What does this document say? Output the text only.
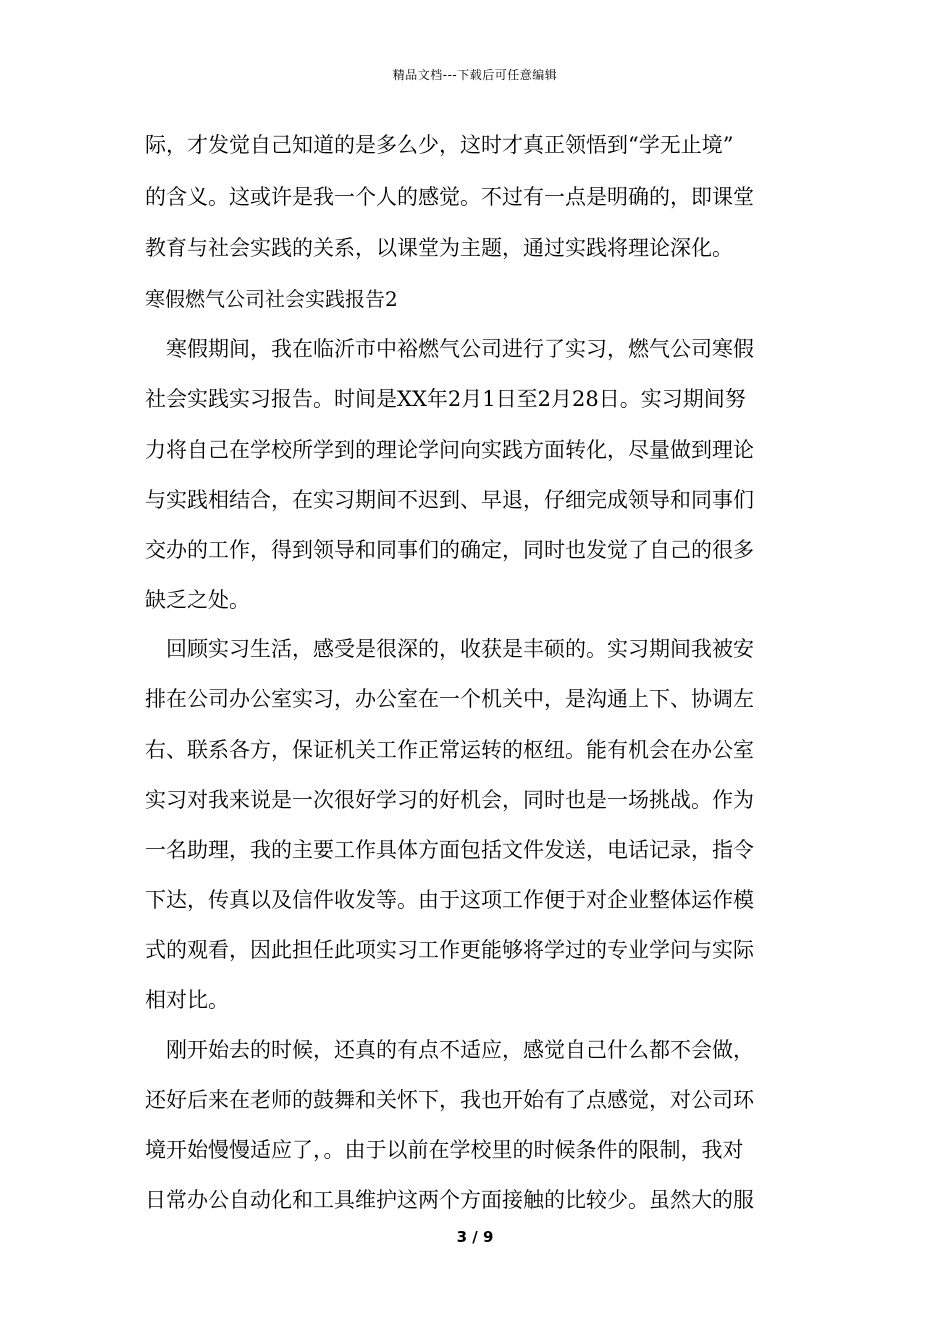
精品文档---下载后可任意编辑
际，才发觉自己知道的是多么少，这时才真正领悟到“学无止境”
的含义。这或许是我一个人的感觉。不过有一点是明确的，即课堂
教育与社会实践的关系，以课堂为主题，通过实践将理论深化。
寒假燃气公司社会实践报告2
寒假期间，我在临沂市中裕燃气公司进行了实习，燃气公司寒假
社会实践实习报告。时间是XX年2月1日至2月28日。实习期间努
力将自己在学校所学到的理论学问向实践方面转化，尽量做到理论
与实践相结合，在实习期间不迟到、早退，仔细完成领导和同事们
交办的工作，得到领导和同事们的确定，同时也发觉了自己的很多
缺乏之处。
回顾实习生活，感受是很深的，收获是丰硕的。实习期间我被安
排在公司办公室实习，办公室在一个机关中，是沟通上下、协调左
右、联系各方，保证机关工作正常运转的枢纽。能有机会在办公室
实习对我来说是一次很好学习的好机会，同时也是一场挑战。作为
一名助理，我的主要工作具体方面包括文件发送，电话记录，指令
下达，传真以及信件收发等。由于这项工作便于对企业整体运作模
式的观看，因此担任此项实习工作更能够将学过的专业学问与实际
相对比。
刚开始去的时候，还真的有点不适应，感觉自己什么都不会做，
还好后来在老师的鼓舞和关怀下，我也开始有了点感觉，对公司环
境开始慢慢适应了，。由于以前在学校里的时候条件的限制，我对
日常办公自动化和工具维护这两个方面接触的比较少。虽然大的服
3 / 9
